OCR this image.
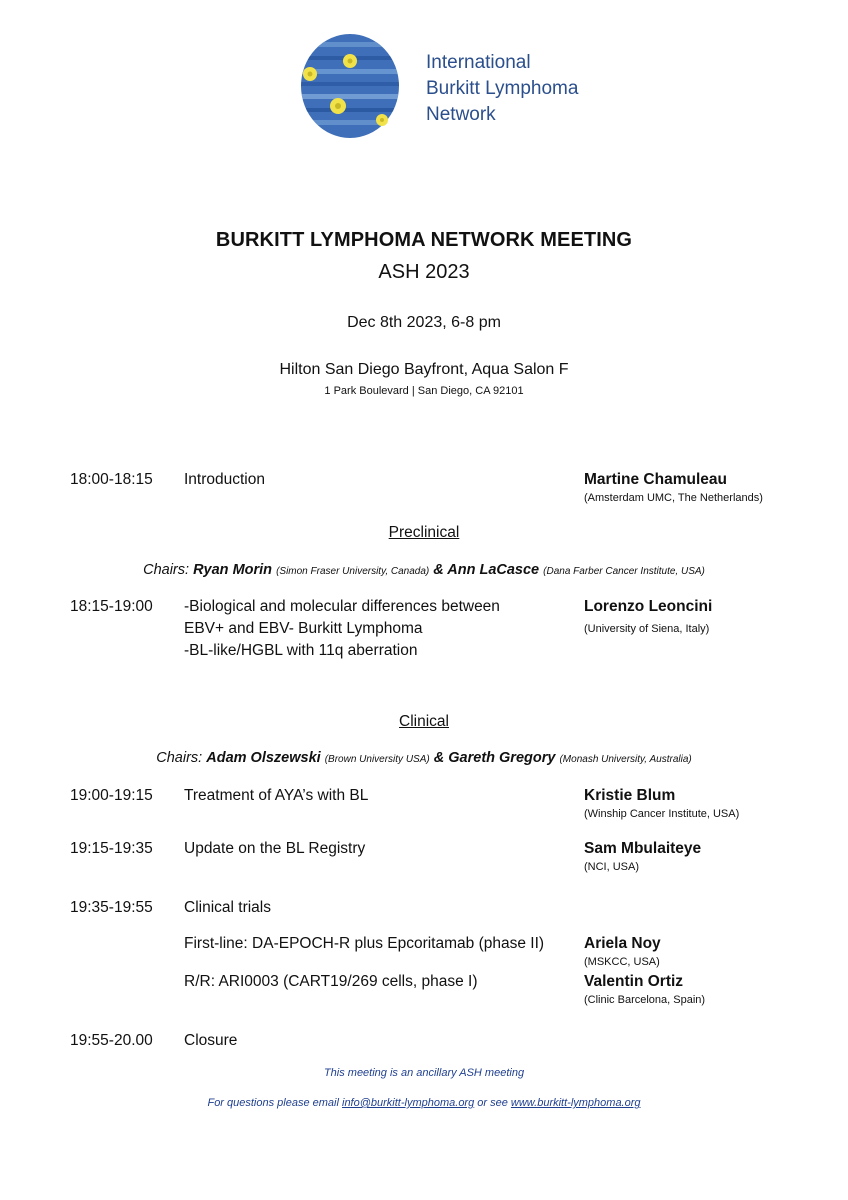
International
Burkitt Lymphoma
Network
BURKITT LYMPHOMA NETWORK MEETING
ASH 2023
Dec 8th 2023, 6-8 pm
Hilton San Diego Bayfront, Aqua Salon F
1 Park Boulevard | San Diego, CA 92101
18:00-18:15 Introduction	Martine Chamuleau
(Amsterdam UMC, The Netherlands)
Preclinical
Chairs: Ryan Morin (Simon Fraser University, Canada) & Ann LaCasce (Dana Farber Cancer Institute, USA)
18:15-19:00 -Biological and molecular differences between
EBV+ and EBV- Burkitt Lymphoma
-BL-like/HGBL with 11q aberration
Lorenzo Leoncini
(University of Siena, Italy)
Clinical
Chairs: Adam Olszewski (Brown University USA) & Gareth Gregory (Monash University, Australia)
19:00-19:15 Treatment of AYA’s with BL	Kristie Blum
(Winship Cancer Institute, USA)
19:15-19:35 Update on the BL Registry	Sam Mbulaiteye
(NCI, USA)
19:35-19:55 Clinical trials
First-line: DA-EPOCH-R plus Epcoritamab (phase II)	Ariela Noy
(MSKCC, USA)
R/R: ARI0003 (CART19/269 cells, phase I)	Valentin Ortiz
(Clinic Barcelona, Spain)
19:55-20.00 Closure
This meeting is an ancillary ASH meeting
For questions please email info@burkitt-lymphoma.org or see www.burkitt-lymphoma.org
